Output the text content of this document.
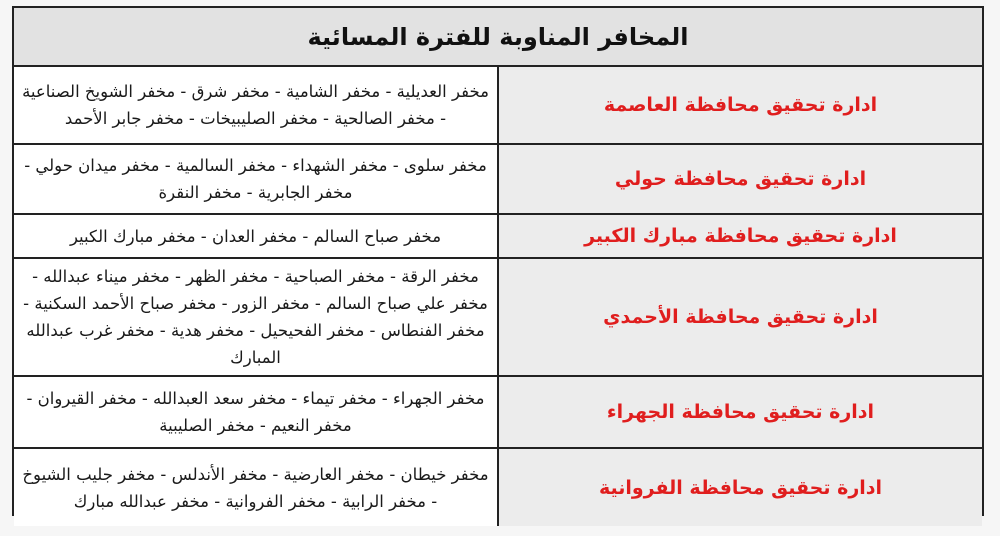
المخافر المناوبة للفترة المسائية	
ادارة تحقيق محافظة العاصمة	مخفر العديلية - مخفر الشامية - مخفر شرق - مخفر الشويخ الصناعية - مخفر الصالحية - مخفر الصليبيخات - مخفر جابر الأحمد
ادارة تحقيق محافظة حولي	مخفر سلوى - مخفر الشهداء - مخفر السالمية - مخفر ميدان حولي - مخفر الجابرية - مخفر النقرة
ادارة تحقيق محافظة مبارك الكبير	مخفر صباح السالم - مخفر العدان - مخفر مبارك الكبير
ادارة تحقيق محافظة الأحمدي	مخفر الرقة - مخفر الصباحية - مخفر الظهر - مخفر ميناء عبدالله - مخفر علي صباح السالم - مخفر الزور - مخفر صباح الأحمد السكنية - مخفر الفنطاس - مخفر الفحيحيل - مخفر هدية - مخفر غرب عبدالله المبارك
ادارة تحقيق محافظة الجهراء	مخفر الجهراء - مخفر تيماء - مخفر سعد العبدالله - مخفر القيروان - مخفر النعيم - مخفر الصليبية
ادارة تحقيق محافظة الفروانية	مخفر خيطان - مخفر العارضية - مخفر الأندلس - مخفر جليب الشيوخ - مخفر الرابية - مخفر الفروانية - مخفر عبدالله مبارك
